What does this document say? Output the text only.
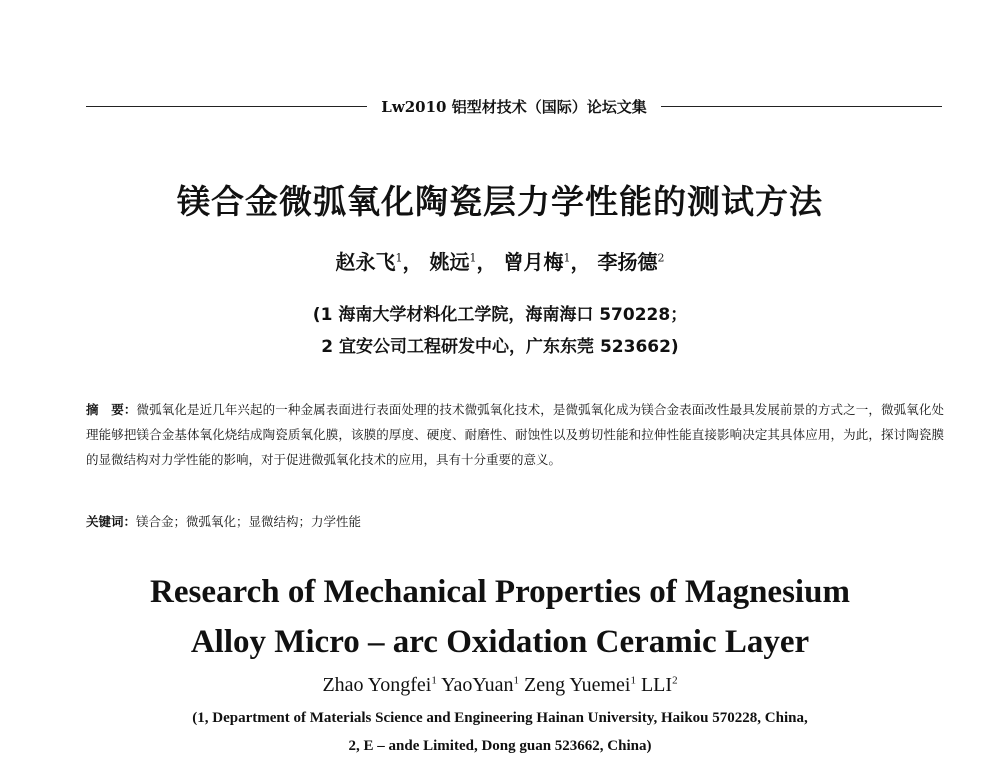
Lw2010 铝型材技术（国际）论坛文集
镁合金微弧氧化陶瓷层力学性能的测试方法
赵永飞$^1$， 姚远$^1$， 曾月梅$^1$， 李扬德$^2$
(1 海南大学材料化工学院，海南海口 570228；
2 宜安公司工程研发中心，广东东莞 523662)
摘　要：微弧氧化是近几年兴起的一种金属表面进行表面处理的技术微弧氧化技术，是微弧氧化成为镁合金表面改性最具发展前景的方式之一，微弧氧化处理能够把镁合金基体氧化烧结成陶瓷质氧化膜，该膜的厚度、硬度、耐磨性、耐蚀性以及剪切性能和拉伸性能直接影响决定其具体应用，为此，探讨陶瓷膜的显微结构对力学性能的影响，对于促进微弧氧化技术的应用，具有十分重要的意义。
关键词：镁合金；微弧氧化；显微结构；力学性能
Research of Mechanical Properties of Magnesium
Alloy Micro – arc Oxidation Ceramic Layer
Zhao Yongfei$^1$ YaoYuan$^1$ Zeng Yuemei$^1$ LLI$^2$
(1, Department of Materials Science and Engineering Hainan University, Haikou 570228, China,
2, E – ande Limited, Dong guan 523662, China)
